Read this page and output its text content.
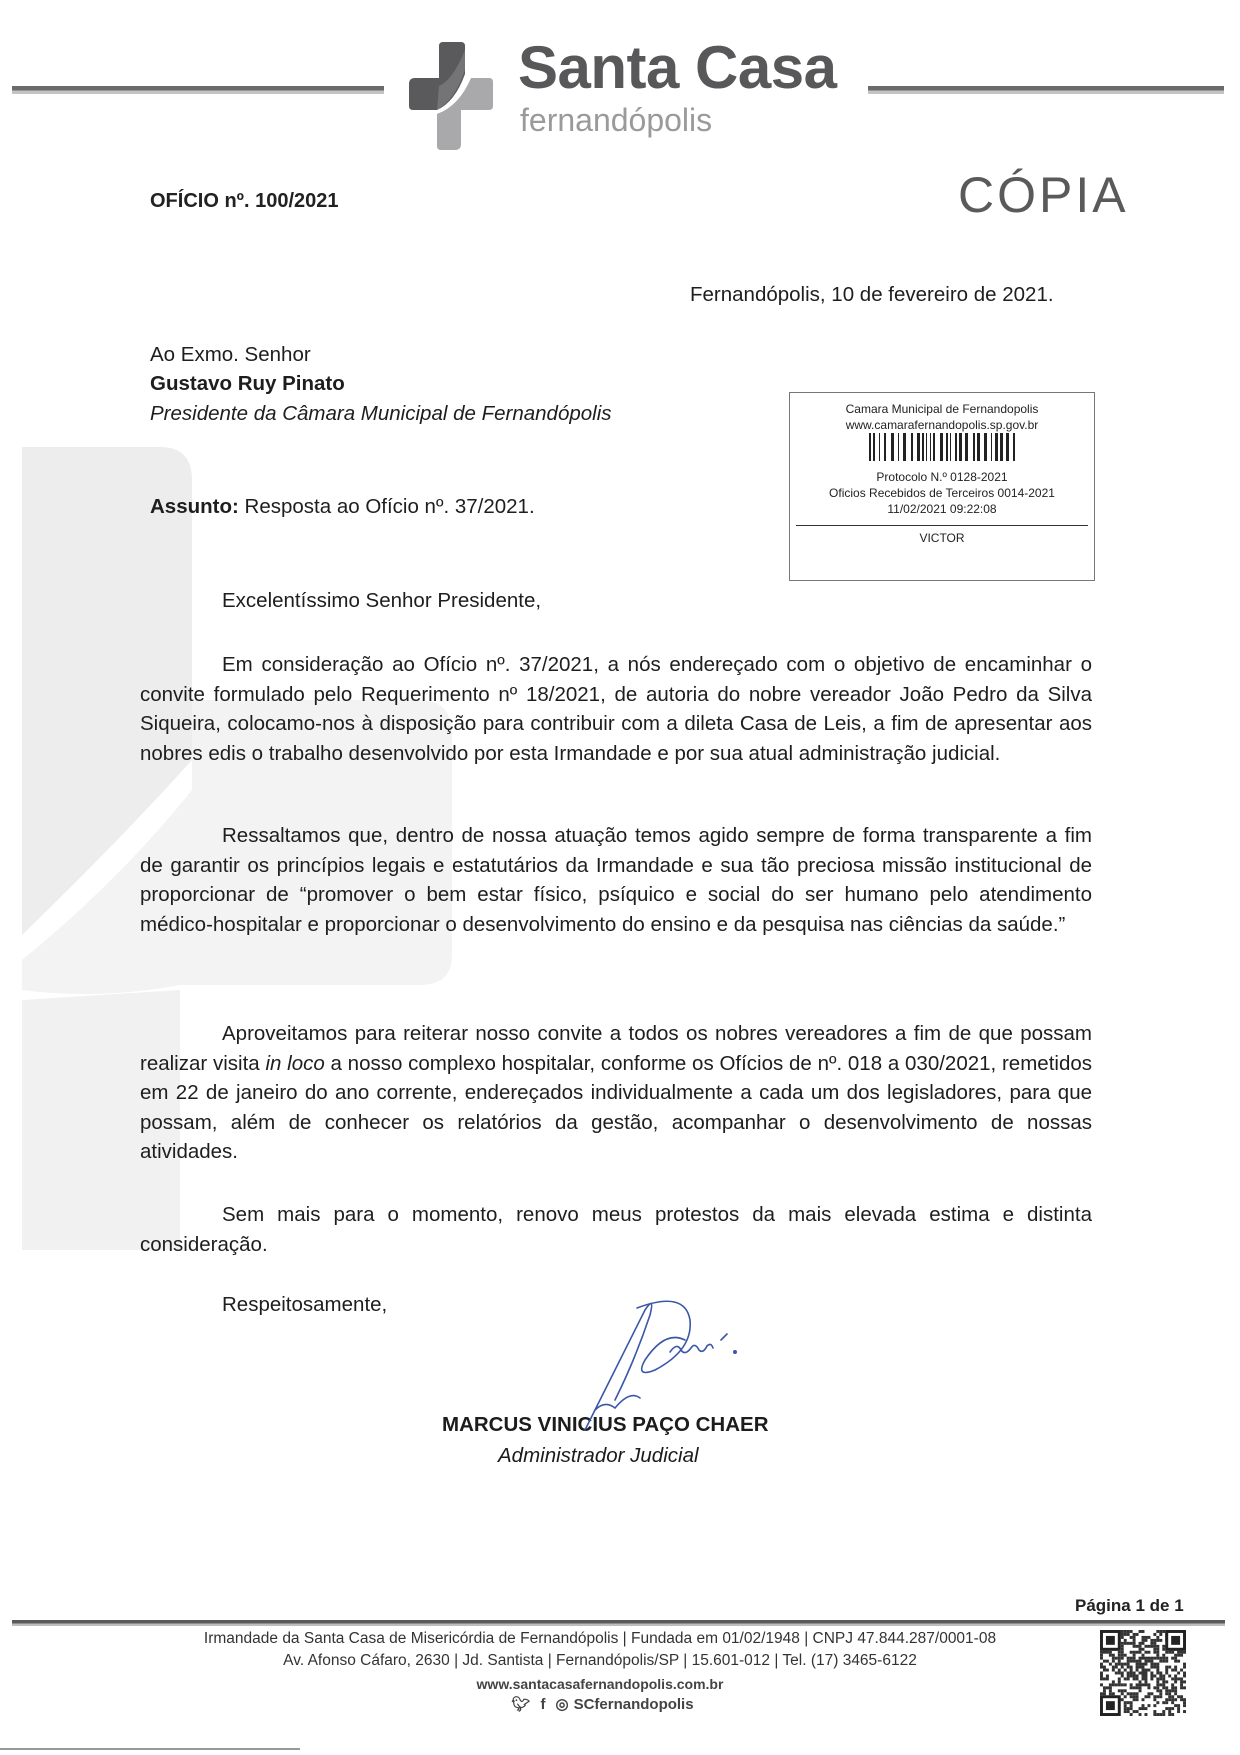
Santa Casa
fernandópolis
OFÍCIO nº. 100/2021	CÓPIA
Fernandópolis, 10 de fevereiro de 2021.
Ao Exmo. Senhor
Gustavo Ruy Pinato
Presidente da Câmara Municipal de Fernandópolis
Assunto: Resposta ao Ofício nº. 37/2021.
Camara Municipal de Fernandopolis
www.camarafernandopolis.sp.gov.br
Protocolo N.º 0128-2021
Oficios Recebidos de Terceiros 0014-2021
11/02/2021 09:22:08
VICTOR
Excelentíssimo Senhor Presidente,
Em consideração ao Ofício nº. 37/2021, a nós endereçado com o objetivo de encaminhar o convite formulado pelo Requerimento nº 18/2021, de autoria do nobre vereador João Pedro da Silva Siqueira, colocamo-nos à disposição para contribuir com a dileta Casa de Leis, a fim de apresentar aos nobres edis o trabalho desenvolvido por esta Irmandade e por sua atual administração judicial.
Ressaltamos que, dentro de nossa atuação temos agido sempre de forma transparente a fim de garantir os princípios legais e estatutários da Irmandade e sua tão preciosa missão institucional de proporcionar de “promover o bem estar físico, psíquico e social do ser humano pelo atendimento médico-hospitalar e proporcionar o desenvolvimento do ensino e da pesquisa nas ciências da saúde.”
Aproveitamos para reiterar nosso convite a todos os nobres vereadores a fim de que possam realizar visita in loco a nosso complexo hospitalar, conforme os Ofícios de nº. 018 a 030/2021, remetidos em 22 de janeiro do ano corrente, endereçados individualmente a cada um dos legisladores, para que possam, além de conhecer os relatórios da gestão, acompanhar o desenvolvimento de nossas atividades.
Sem mais para o momento, renovo meus protestos da mais elevada estima e distinta consideração.
Respeitosamente,
MARCUS VINICIUS PAÇO CHAER
Administrador Judicial
Página 1 de 1
Irmandade da Santa Casa de Misericórdia de Fernandópolis | Fundada em 01/02/1948 | CNPJ 47.844.287/0001-08
Av. Afonso Cáfaro, 2630 | Jd. Santista | Fernandópolis/SP | 15.601-012 | Tel. (17) 3465-6122
www.santacasafernandopolis.com.br
🐦︎ f ◎ SCfernandopolis
